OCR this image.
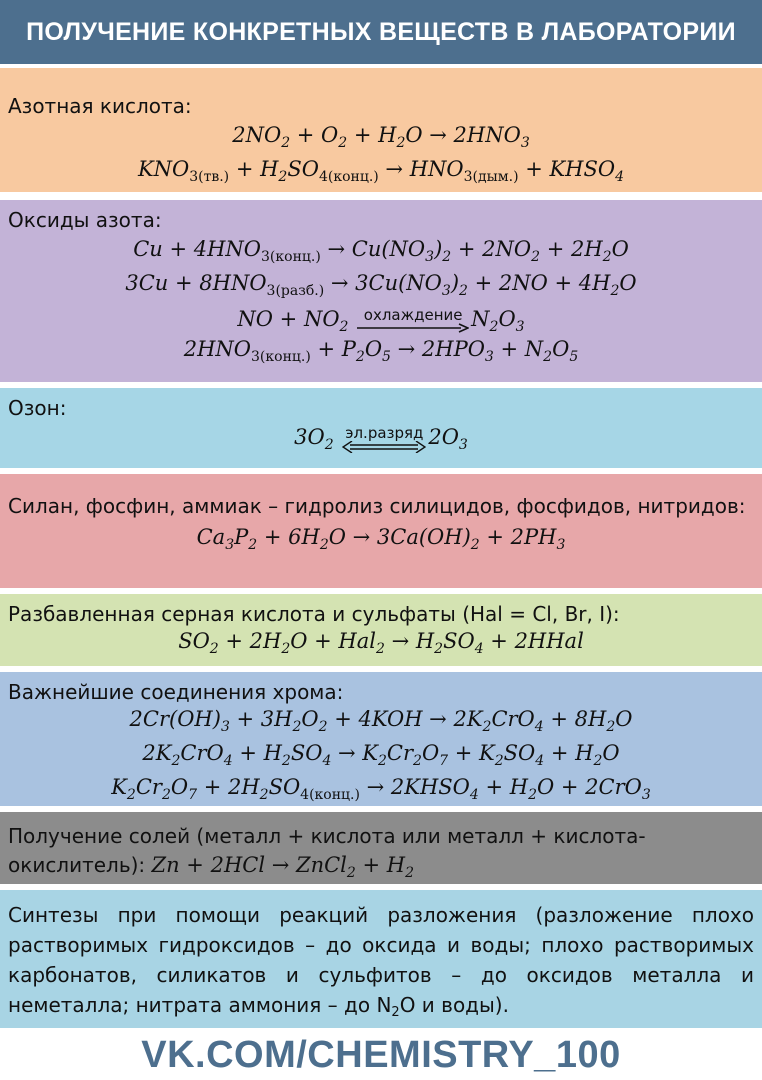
ПОЛУЧЕНИЕ КОНКРЕТНЫХ ВЕЩЕСТВ В ЛАБОРАТОРИИ
Азотная кислота:
$2NO_2 + O_2 + H_2O \to 2HNO_3$
$KNO_{3(тв.)} + H_2SO_{4(конц.)} \to HNO_{3(дым.)}$ + $KHSO_4$
Оксиды азота:
$Cu + 4HNO_{3(конц.)} \to Cu(NO_3)_2 + 2NO_2 + 2H_2O$
$3Cu + 8HNO_{3(разб.)} \to 3Cu(NO_3)_2 + 2NO + 4H_2O$
NO + $NO_2$
охлаждение $N_2O_3$
$2HNO_{3(конц.)} + P_2O_5 \to 2HPO_3 + N_2O_5$
Озон:
$3O_2$
эл.разряд $2O_3$
Силан, фосфин, аммиак – гидролиз силицидов, фосфидов, нитридов:
$Ca_3P_2 + 6H_2O \to 3Ca(OH)_2 + 2PH_3$
Разбавленная серная кислота и сульфаты (Hal = Cl, Br, I):
$SO_2 + 2H_2O + Hal_2 \to H_2SO_4$ + 2HHal
Важнейшие соединения хрома:
$2Cr(OH)_3 + 3H_2O_2 + 4KOH \to 2K_2CrO_4 + 8H_2O$
$2K_2CrO_4 + H_2SO_4 \to K_2Cr_2O_7 + K_2SO_4 + H_2O$
$K_2Cr_2O_7 + 2H_2SO_{4(конц.)}$ → $2KHSO_4 + H_2O + 2CrO_3$
Получение солей (металл + кислота или металл + кислота-
окислитель): Zn + 2HCl → ZnCl$_2$ + $H_2$
Синтезы при помощи реакций разложения (разложение плохо растворимых гидроксидов – до оксида и воды; плохо растворимых карбонатов, силикатов и сульфитов – до оксидов металла и неметалла; нитрата аммония – до $N_2O$ и воды).
VK.COM/CHEMISTRY_100
